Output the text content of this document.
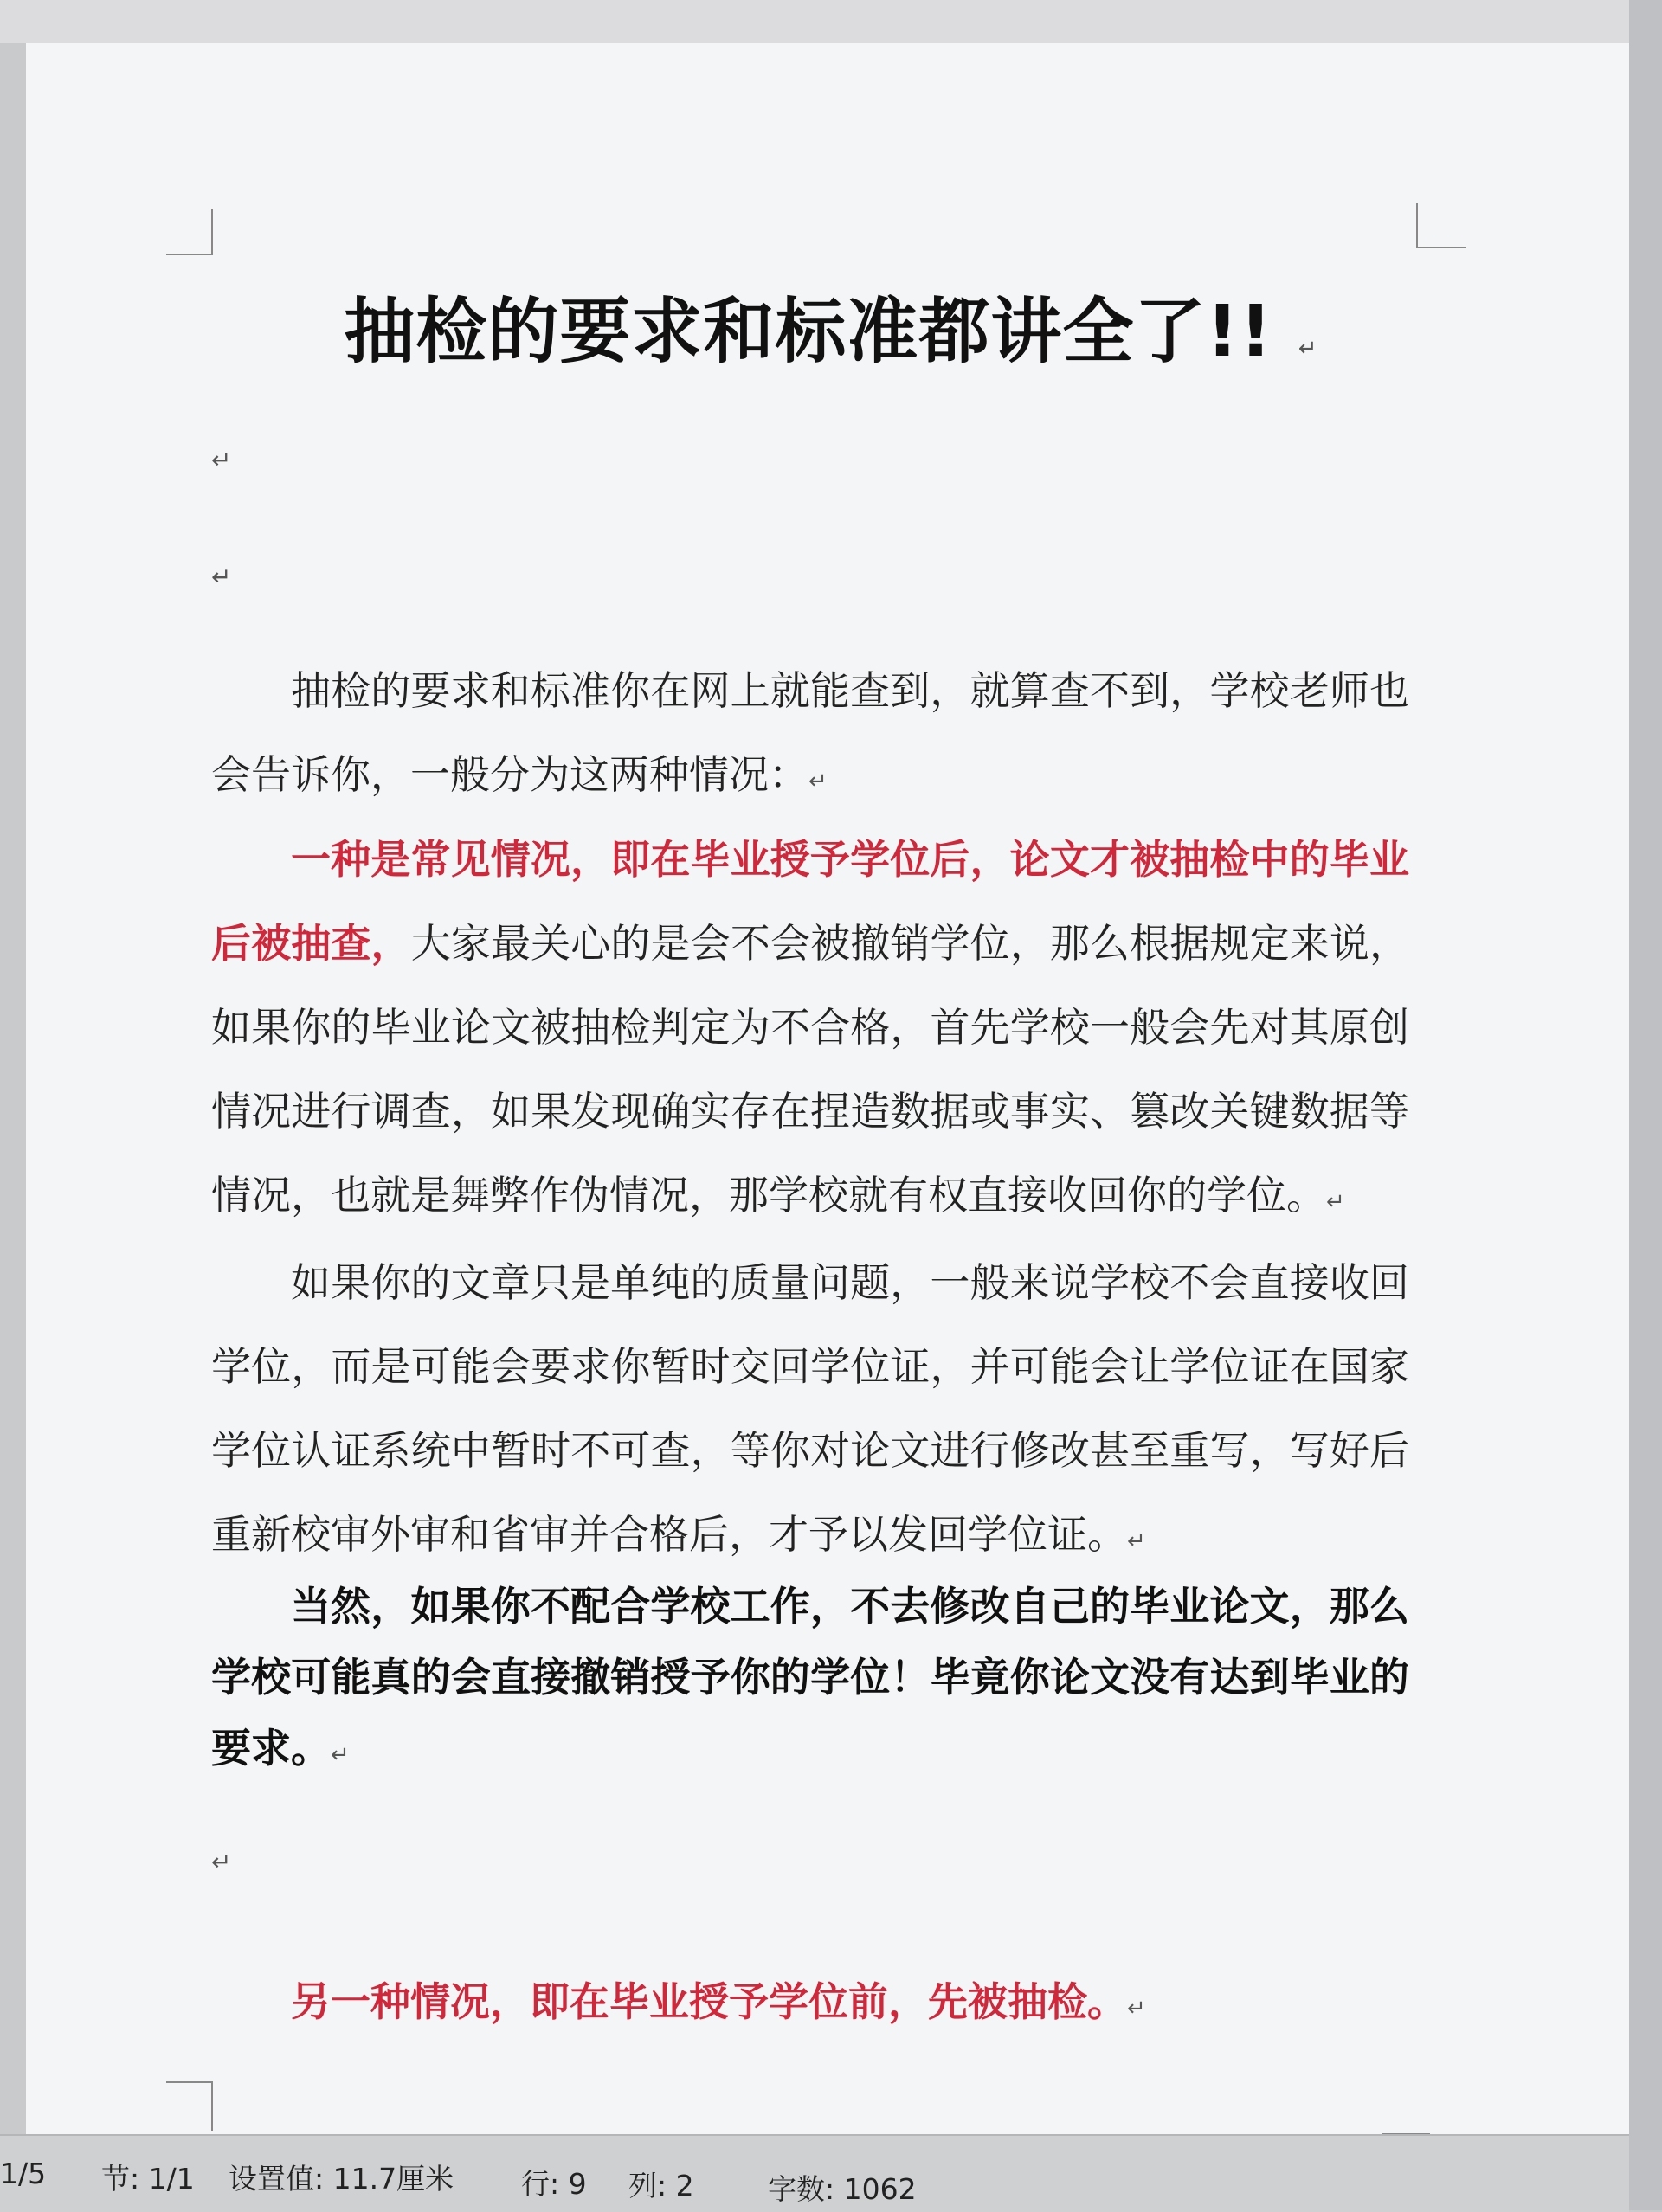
抽检的要求和标准都讲全了!! ↵
↵
↵
抽检的要求和标准你在网上就能查到，就算查不到，学校老师也
会告诉你，一般分为这两种情况：↵
一种是常见情况，即在毕业授予学位后，论文才被抽检中的毕业
后被抽查，大家最关心的是会不会被撤销学位，那么根据规定来说，
如果你的毕业论文被抽检判定为不合格，首先学校一般会先对其原创
情况进行调查，如果发现确实存在捏造数据或事实、篡改关键数据等
情况，也就是舞弊作伪情况，那学校就有权直接收回你的学位。↵
如果你的文章只是单纯的质量问题，一般来说学校不会直接收回
学位，而是可能会要求你暂时交回学位证，并可能会让学位证在国家
学位认证系统中暂时不可查，等你对论文进行修改甚至重写，写好后
重新校审外审和省审并合格后，才予以发回学位证。↵
当然，如果你不配合学校工作，不去修改自己的毕业论文，那么
学校可能真的会直接撤销授予你的学位！毕竟你论文没有达到毕业的
要求。↵
↵
另一种情况，即在毕业授予学位前，先被抽检。↵
1/5 节: 1/1 设置值: 11.7厘米 行: 9 列: 2	字数: 1062
